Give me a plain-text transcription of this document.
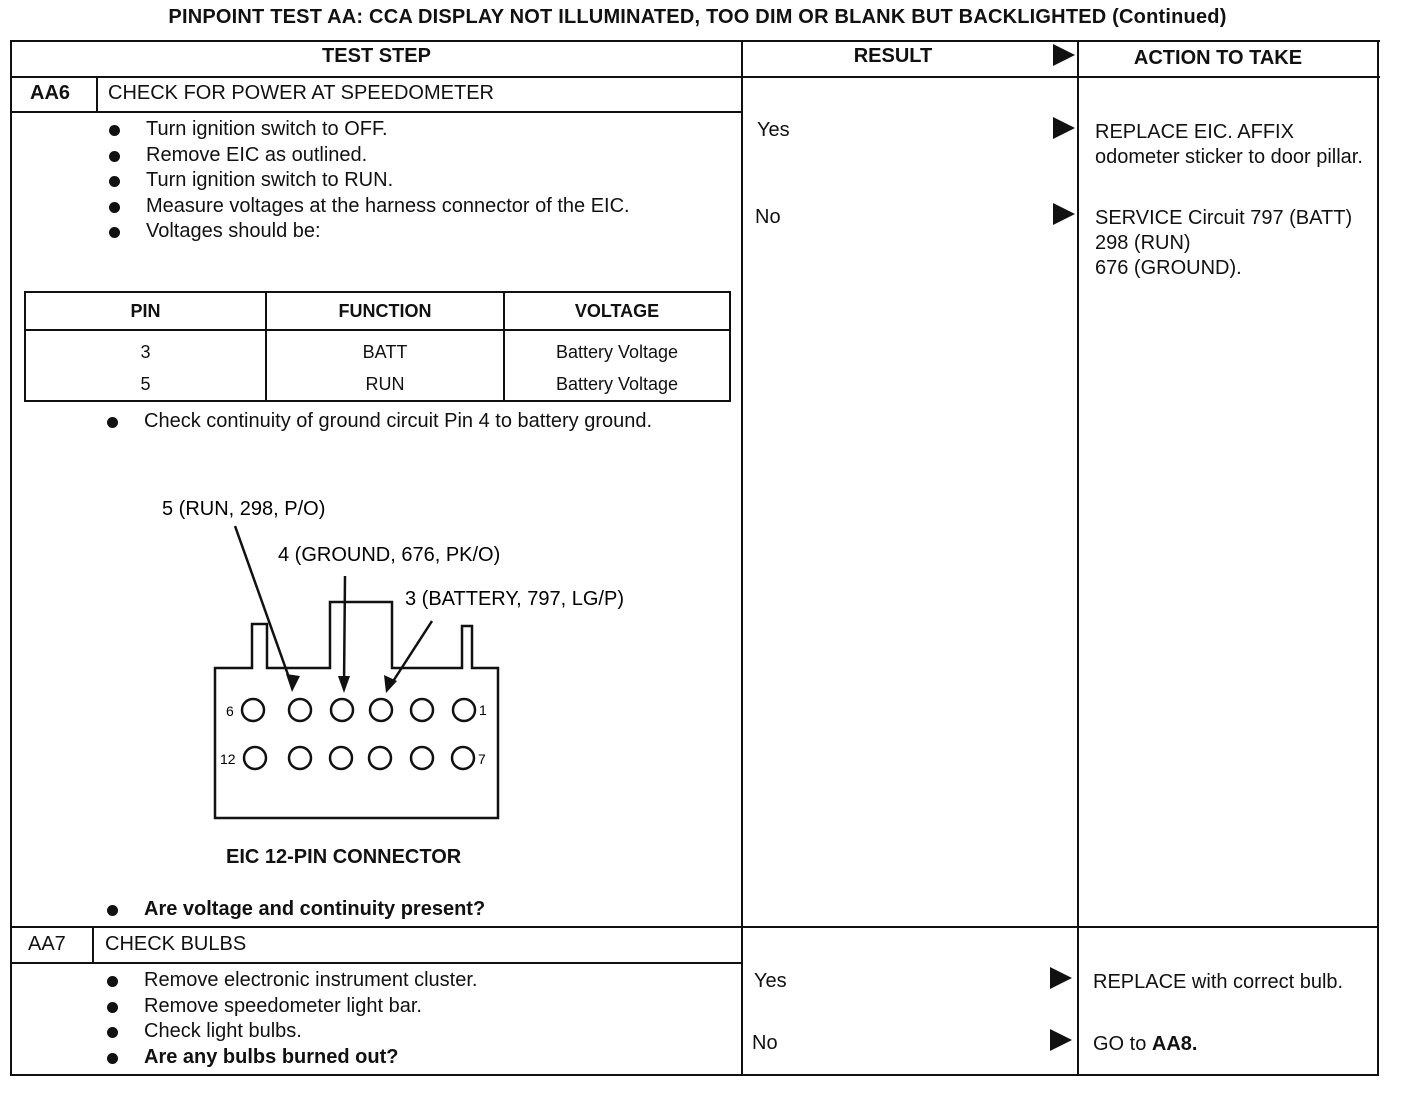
PINPOINT TEST AA: CCA DISPLAY NOT ILLUMINATED, TOO DIM OR BLANK BUT BACKLIGHTED (Continued)
TEST STEP	RESULT	ACTION TO TAKE
AA6 CHECK FOR POWER AT SPEEDOMETER
Turn ignition switch to OFF.
Remove EIC as outlined.
Turn ignition switch to RUN.
Measure voltages at the harness connector of the EIC.
Voltages should be:
PIN	FUNCTION	VOLTAGE
3	BATT	Battery Voltage
5	RUN	Battery Voltage
Check continuity of ground circuit Pin 4 to battery ground.
5 (RUN, 298, P/O)
4 (GROUND, 676, PK/O)
3 (BATTERY, 797, LG/P)
6	1
12	7
EIC 12-PIN CONNECTOR
Are voltage and continuity present?
Yes	REPLACE EIC. AFFIX odometer sticker to door pillar.
No	SERVICE Circuit 797 (BATT)
298 (RUN)
676 (GROUND).
AA7 CHECK BULBS
Remove electronic instrument cluster.
Remove speedometer light bar.
Check light bulbs.
Are any bulbs burned out?
Yes	REPLACE with correct bulb.
No	GO to AA8.
